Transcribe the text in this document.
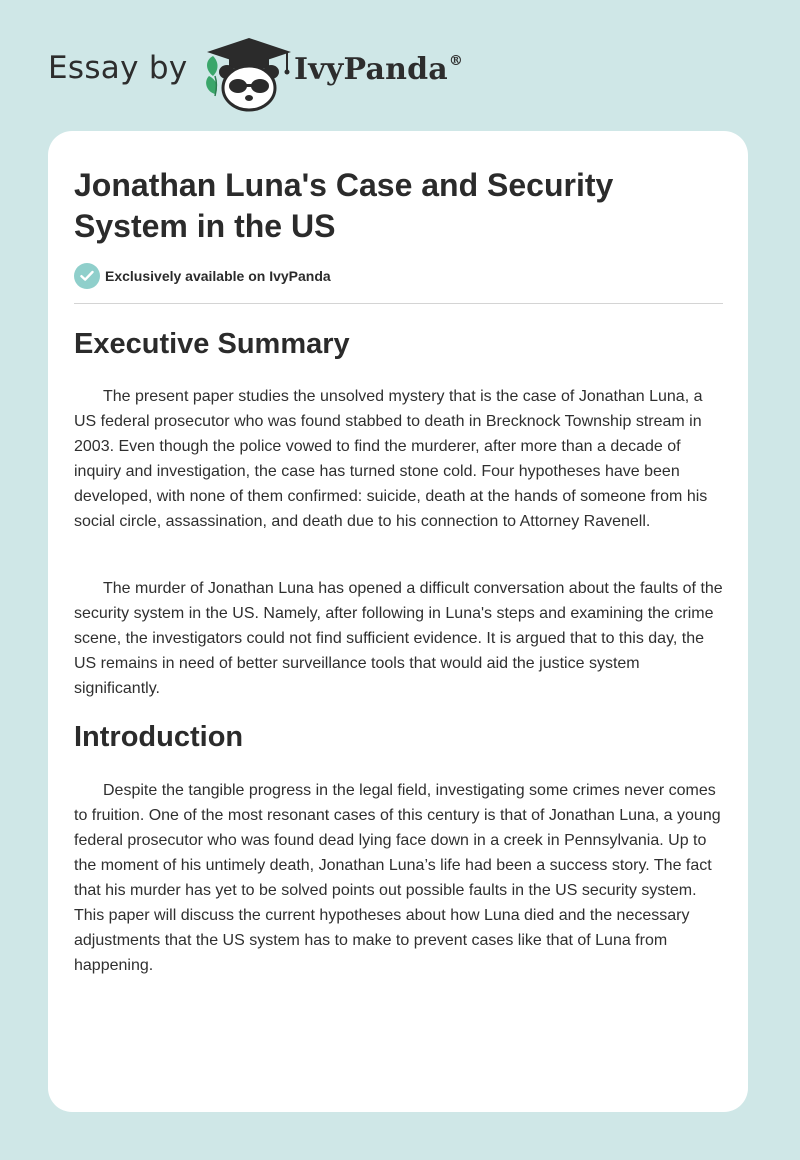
Essay by	IvyPanda®
Jonathan Luna's Case and Security System in the US
Exclusively available on IvyPanda
Executive Summary

The present paper studies the unsolved mystery that is the case of Jonathan Luna, a US federal prosecutor who was found stabbed to death in Brecknock Township stream in 2003. Even though the police vowed to find the murderer, after more than a decade of inquiry and investigation, the case has turned stone cold. Four hypotheses have been developed, with none of them confirmed: suicide, death at the hands of someone from his social circle, assassination, and death due to his connection to Attorney Ravenell.

The murder of Jonathan Luna has opened a difficult conversation about the faults of the security system in the US. Namely, after following in Luna's steps and examining the crime scene, the investigators could not find sufficient evidence. It is argued that to this day, the US remains in need of better surveillance tools that would aid the justice system significantly.

Introduction

Despite the tangible progress in the legal field, investigating some crimes never comes to fruition. One of the most resonant cases of this century is that of Jonathan Luna, a young federal prosecutor who was found dead lying face down in a creek in Pennsylvania. Up to the moment of his untimely death, Jonathan Luna’s life had been a success story. The fact that his murder has yet to be solved points out possible faults in the US security system. This paper will discuss the current hypotheses about how Luna died and the necessary adjustments that the US system has to make to prevent cases like that of Luna from happening.
